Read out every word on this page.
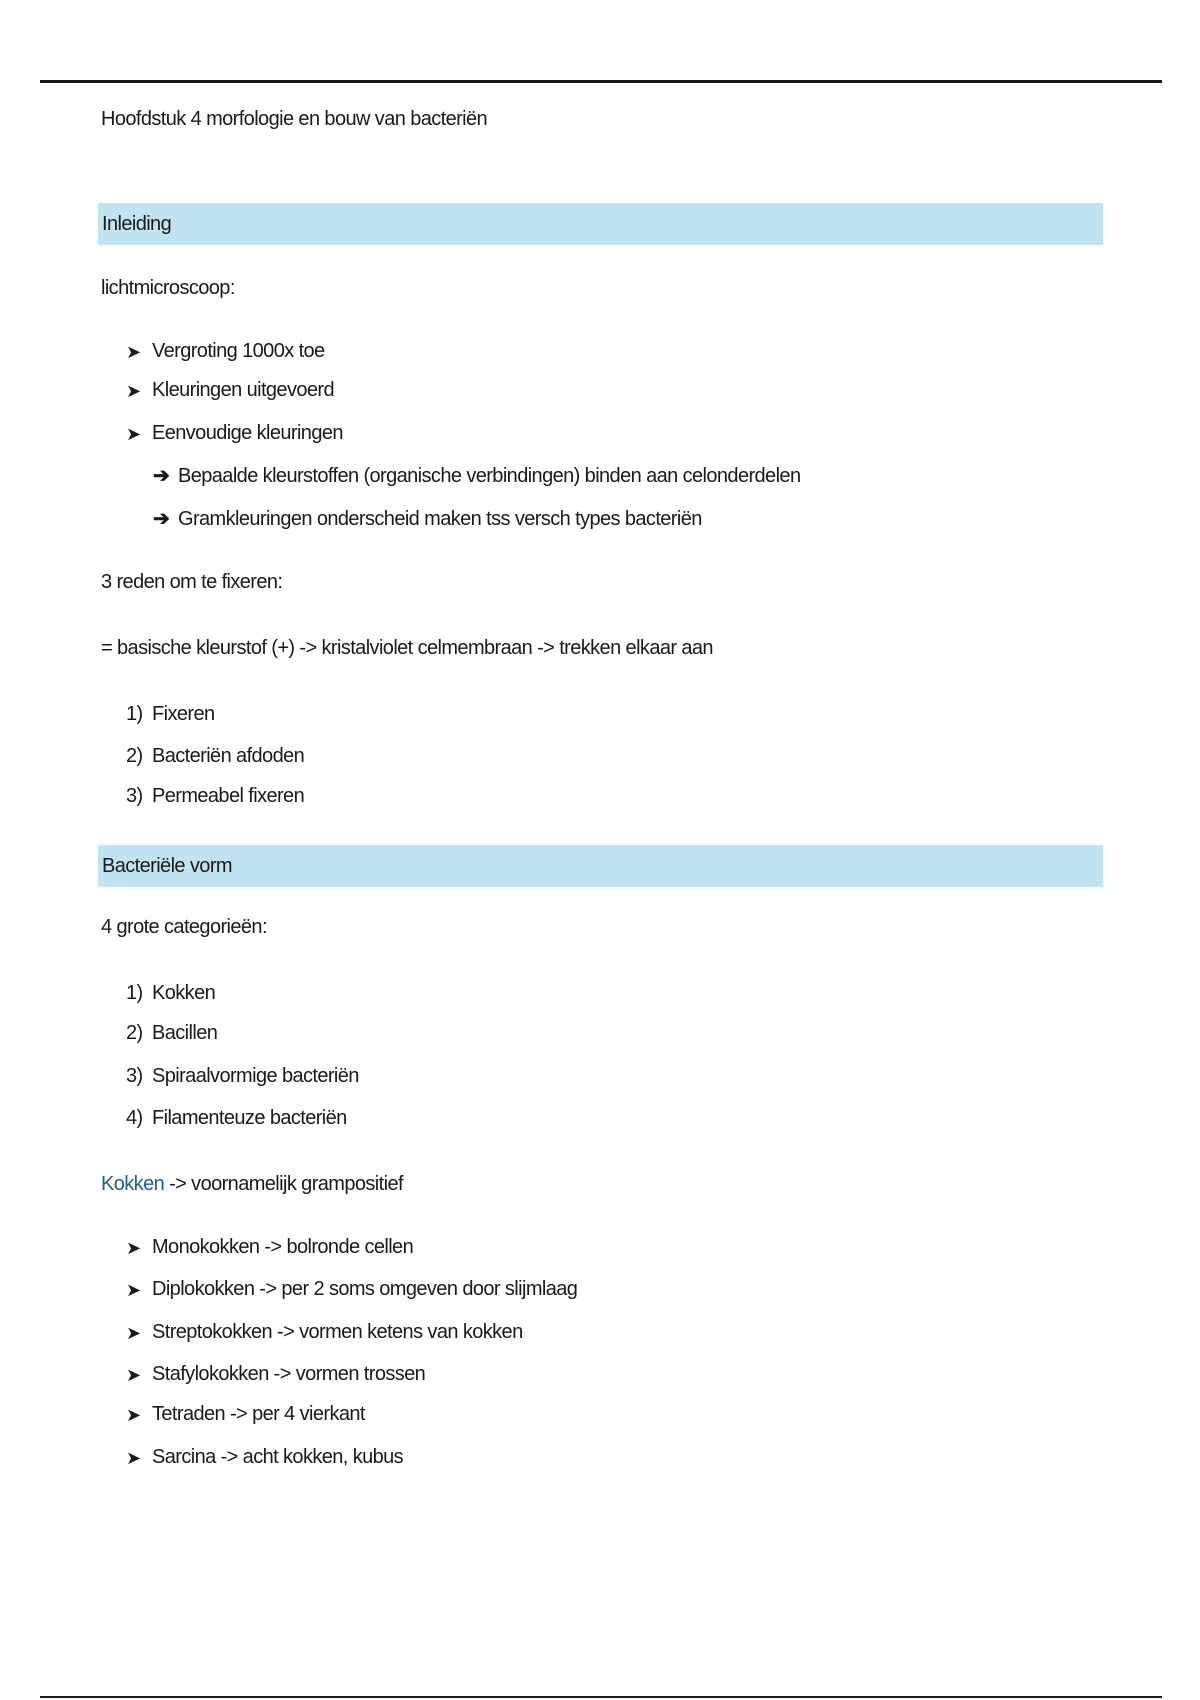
Hoofdstuk 4 morfologie en bouw van bacteriën
Inleiding
lichtmicroscoop:
➤ Vergroting 1000x toe
➤ Kleuringen uitgevoerd
➤ Eenvoudige kleuringen
➔ Bepaalde kleurstoffen (organische verbindingen) binden aan celonderdelen
➔ Gramkleuringen onderscheid maken tss versch types bacteriën
3 reden om te fixeren:
= basische kleurstof (+) -> kristalviolet celmembraan -> trekken elkaar aan
1) Fixeren
2) Bacteriën afdoden
3) Permeabel fixeren
Bacteriële vorm
4 grote categorieën:
1) Kokken
2) Bacillen
3) Spiraalvormige bacteriën
4) Filamenteuze bacteriën
Kokken -> voornamelijk grampositief
➤ Monokokken -> bolronde cellen
➤ Diplokokken -> per 2 soms omgeven door slijmlaag
➤ Streptokokken -> vormen ketens van kokken
➤ Stafylokokken -> vormen trossen
➤ Tetraden -> per 4 vierkant
➤ Sarcina -> acht kokken, kubus
